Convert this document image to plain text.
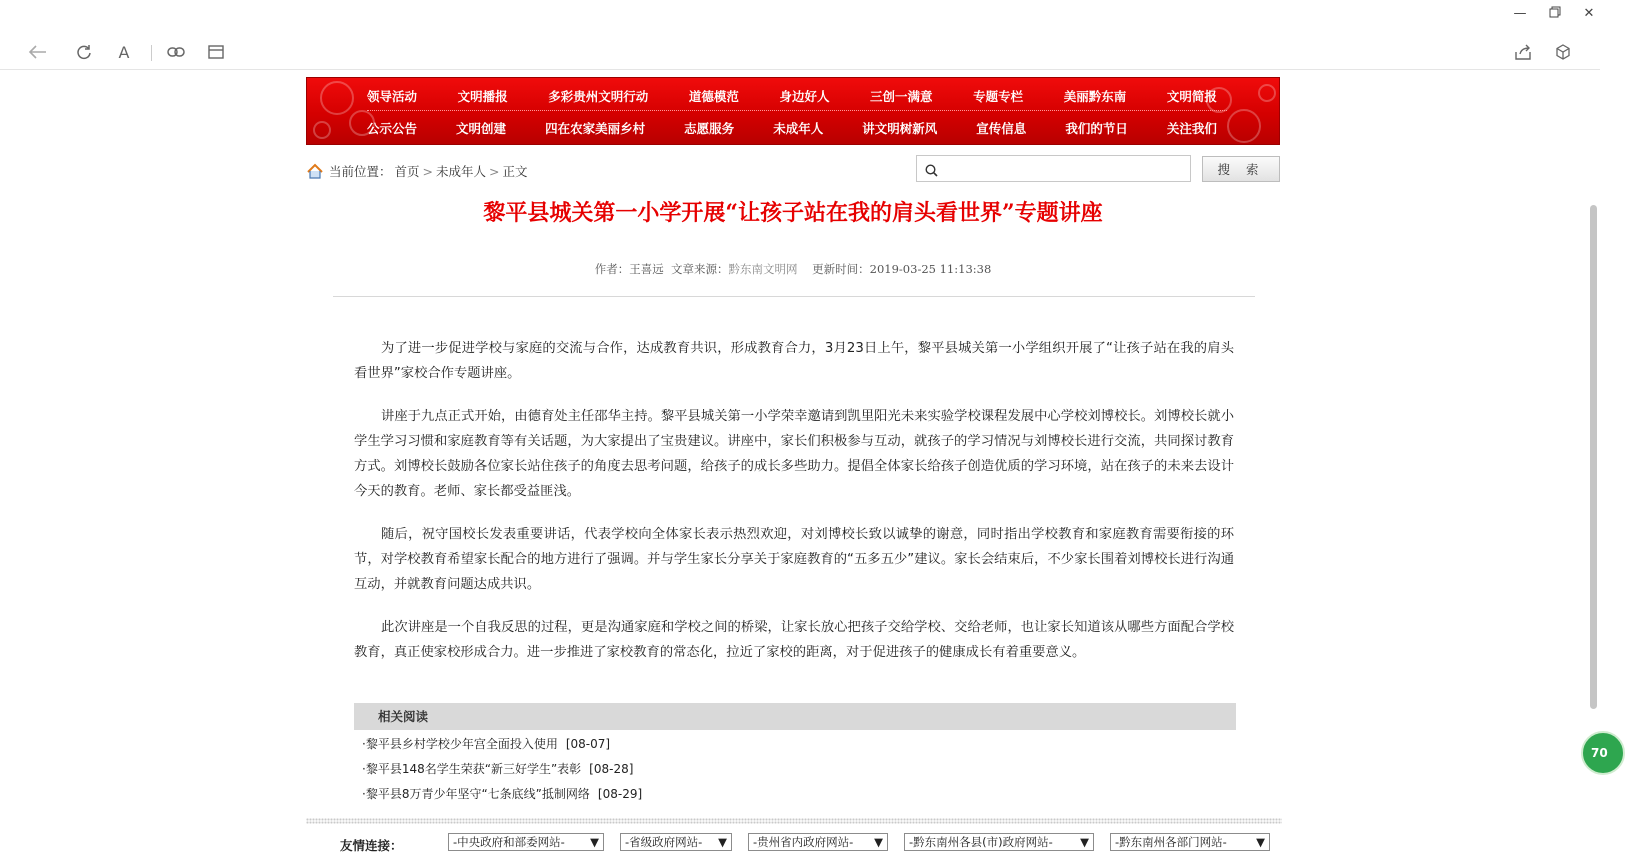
—	✕
A
领导活动	文明播报	多彩贵州文明行动	道德模范	身边好人	三创一满意	专题专栏	美丽黔东南	文明简报
公示公告	文明创建	四在农家美丽乡村	志愿服务	未成年人	讲文明树新风	宣传信息	我们的节日	关注我们
当前位置： 首页 > 未成年人 > 正文	搜 索
黎平县城关第一小学开展“让孩子站在我的肩头看世界”专题讲座
作者：王喜远 文章来源：黔东南文明网 更新时间：2019-03-25 11:13:38

为了进一步促进学校与家庭的交流与合作，达成教育共识，形成教育合力，3月23日上午，黎平县城关第一小学组织开展了“让孩子站在我的肩头看世界”家校合作专题讲座。

讲座于九点正式开始，由德育处主任邵华主持。黎平县城关第一小学荣幸邀请到凯里阳光未来实验学校课程发展中心学校刘博校长。刘博校长就小学生学习习惯和家庭教育等有关话题，为大家提出了宝贵建议。讲座中，家长们积极参与互动，就孩子的学习情况与刘博校长进行交流，共同探讨教育方式。刘博校长鼓励各位家长站住孩子的角度去思考问题，给孩子的成长多些助力。提倡全体家长给孩子创造优质的学习环境，站在孩子的未来去设计今天的教育。老师、家长都受益匪浅。

随后，祝守国校长发表重要讲话，代表学校向全体家长表示热烈欢迎，对刘博校长致以诚挚的谢意，同时指出学校教育和家庭教育需要衔接的环节，对学校教育希望家长配合的地方进行了强调。并与学生家长分享关于家庭教育的“五多五少”建议。家长会结束后，不少家长围着刘博校长进行沟通互动，并就教育问题达成共识。

此次讲座是一个自我反思的过程，更是沟通家庭和学校之间的桥梁，让家长放心把孩子交给学校、交给老师，也让家长知道该从哪些方面配合学校教育，真正使家校形成合力。进一步推进了家校教育的常态化，拉近了家校的距离，对于促进孩子的健康成长有着重要意义。

相关阅读
·黎平县乡村学校少年宫全面投入使用 [08-07]
·黎平县148名学生荣获“新三好学生”表彰 [08-28]
·黎平县8万青少年坚守“七条底线”抵制网络 [08-29]
友情连接：	-中央政府和部委网站- ▼ -省级政府网站- ▼ -贵州省内政府网站- ▼ -黔东南州各县(市)政府网站- ▼ -黔东南州各部门网站-	▼
70
